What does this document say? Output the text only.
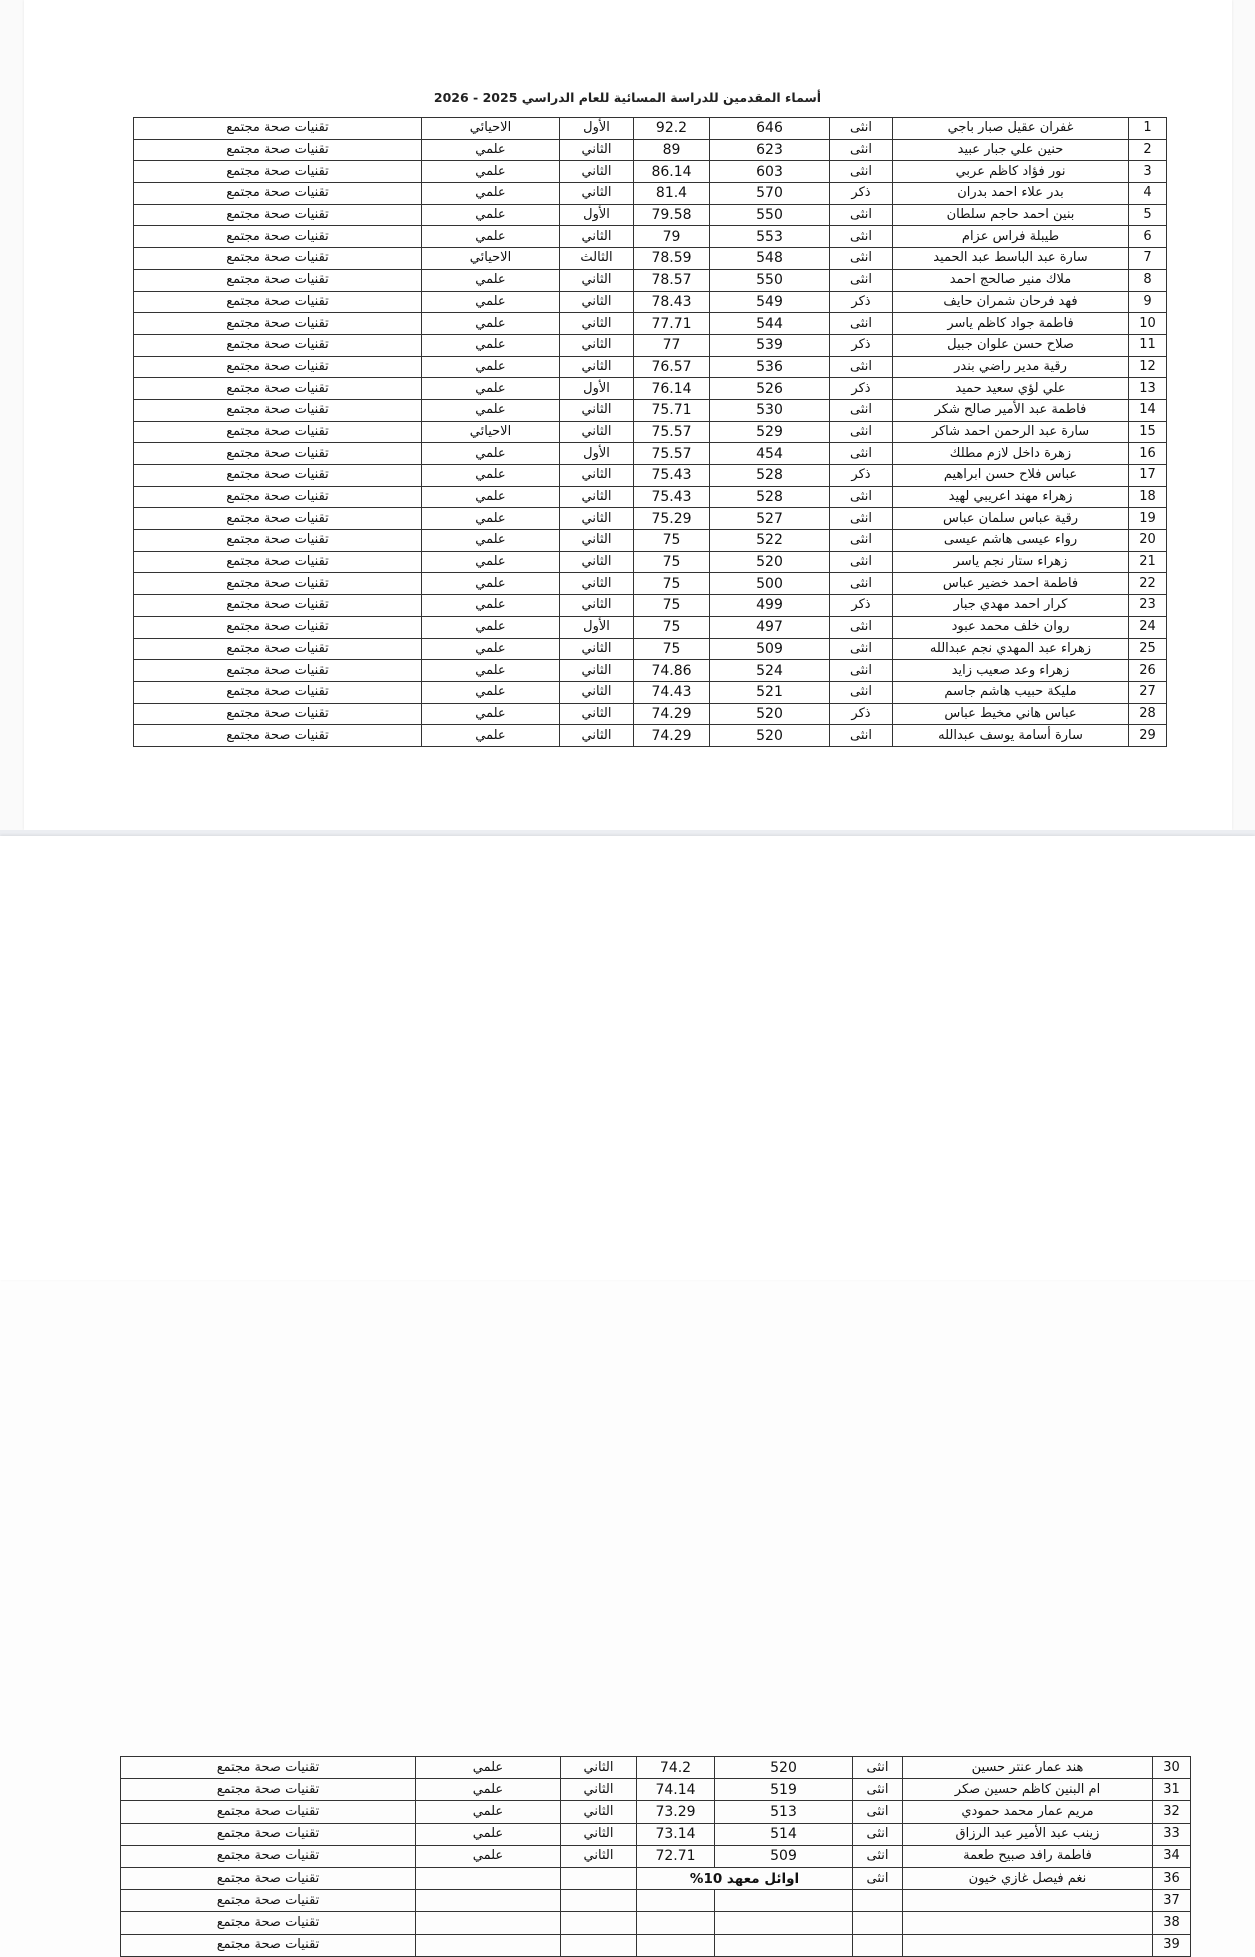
أسماء المقدمين للدراسة المسائية للعام الدراسي 2025 - 2026
1	غفران عقيل صبار باجي	انثى	646	92.2	الأول	الاحيائي	تقنيات صحة مجتمع
2	حنين علي جبار عبيد	انثى	623	89	الثاني	علمي	تقنيات صحة مجتمع
3	نور فؤاد كاظم عربي	انثى	603	86.14	الثاني	علمي	تقنيات صحة مجتمع
4	بدر علاء احمد بدران	ذكر	570	81.4	الثاني	علمي	تقنيات صحة مجتمع
5	بنين احمد حاجم سلطان	انثى	550	79.58	الأول	علمي	تقنيات صحة مجتمع
6	طيبلة فراس عزام	انثى	553	79	الثاني	علمي	تقنيات صحة مجتمع
7	سارة عبد الباسط عبد الحميد	انثى	548	78.59	الثالث	الاحيائي	تقنيات صحة مجتمع
8	ملاك منير صالحج احمد	انثى	550	78.57	الثاني	علمي	تقنيات صحة مجتمع
9	فهد فرحان شمران حايف	ذكر	549	78.43	الثاني	علمي	تقنيات صحة مجتمع
10	فاطمة جواد كاظم ياسر	انثى	544	77.71	الثاني	علمي	تقنيات صحة مجتمع
11	صلاح حسن علوان جبيل	ذكر	539	77	الثاني	علمي	تقنيات صحة مجتمع
12	رقية مدير راضي بندر	انثى	536	76.57	الثاني	علمي	تقنيات صحة مجتمع
13	علي لؤي سعيد حميد	ذكر	526	76.14	الأول	علمي	تقنيات صحة مجتمع
14	فاطمة عبد الأمير صالح شكر	انثى	530	75.71	الثاني	علمي	تقنيات صحة مجتمع
15	سارة عبد الرحمن احمد شاكر	انثى	529	75.57	الثاني	الاحيائي	تقنيات صحة مجتمع
16	زهرة داخل لازم مطلك	انثى	454	75.57	الأول	علمي	تقنيات صحة مجتمع
17	عباس فلاح حسن ابراهيم	ذكر	528	75.43	الثاني	علمي	تقنيات صحة مجتمع
18	زهراء مهند اعريبي لهيد	انثى	528	75.43	الثاني	علمي	تقنيات صحة مجتمع
19	رقية عباس سلمان عباس	انثى	527	75.29	الثاني	علمي	تقنيات صحة مجتمع
20	رواء عيسى هاشم عيسى	انثى	522	75	الثاني	علمي	تقنيات صحة مجتمع
21	زهراء ستار نجم ياسر	انثى	520	75	الثاني	علمي	تقنيات صحة مجتمع
22	فاطمة احمد خضير عباس	انثى	500	75	الثاني	علمي	تقنيات صحة مجتمع
23	كرار احمد مهدي جبار	ذكر	499	75	الثاني	علمي	تقنيات صحة مجتمع
24	روان خلف محمد عبود	انثى	497	75	الأول	علمي	تقنيات صحة مجتمع
25	زهراء عبد المهدي نجم عبدالله	انثى	509	75	الثاني	علمي	تقنيات صحة مجتمع
26	زهراء وعد صعيب زايد	انثى	524	74.86	الثاني	علمي	تقنيات صحة مجتمع
27	مليكة حبيب هاشم جاسم	انثى	521	74.43	الثاني	علمي	تقنيات صحة مجتمع
28	عباس هاني مخيط عباس	ذكر	520	74.29	الثاني	علمي	تقنيات صحة مجتمع
29	سارة أسامة يوسف عبدالله	انثى	520	74.29	الثاني	علمي	تقنيات صحة مجتمع
30	هند عمار عنتر حسين	انثى	520	74.2	الثاني	علمي	تقنيات صحة مجتمع
31	ام البنين كاظم حسين صكر	انثى	519	74.14	الثاني	علمي	تقنيات صحة مجتمع
32	مريم عمار محمد حمودي	انثى	513	73.29	الثاني	علمي	تقنيات صحة مجتمع
33	زينب عبد الأمير عبد الرزاق	انثى	514	73.14	الثاني	علمي	تقنيات صحة مجتمع
34	فاطمة رافد صبيح طعمة	انثى	509	72.71	الثاني	علمي	تقنيات صحة مجتمع
36	نغم فيصل غازي خيون	انثى	اوائل معهد 10%				تقنيات صحة مجتمع
37							تقنيات صحة مجتمع
38							تقنيات صحة مجتمع
39							تقنيات صحة مجتمع
